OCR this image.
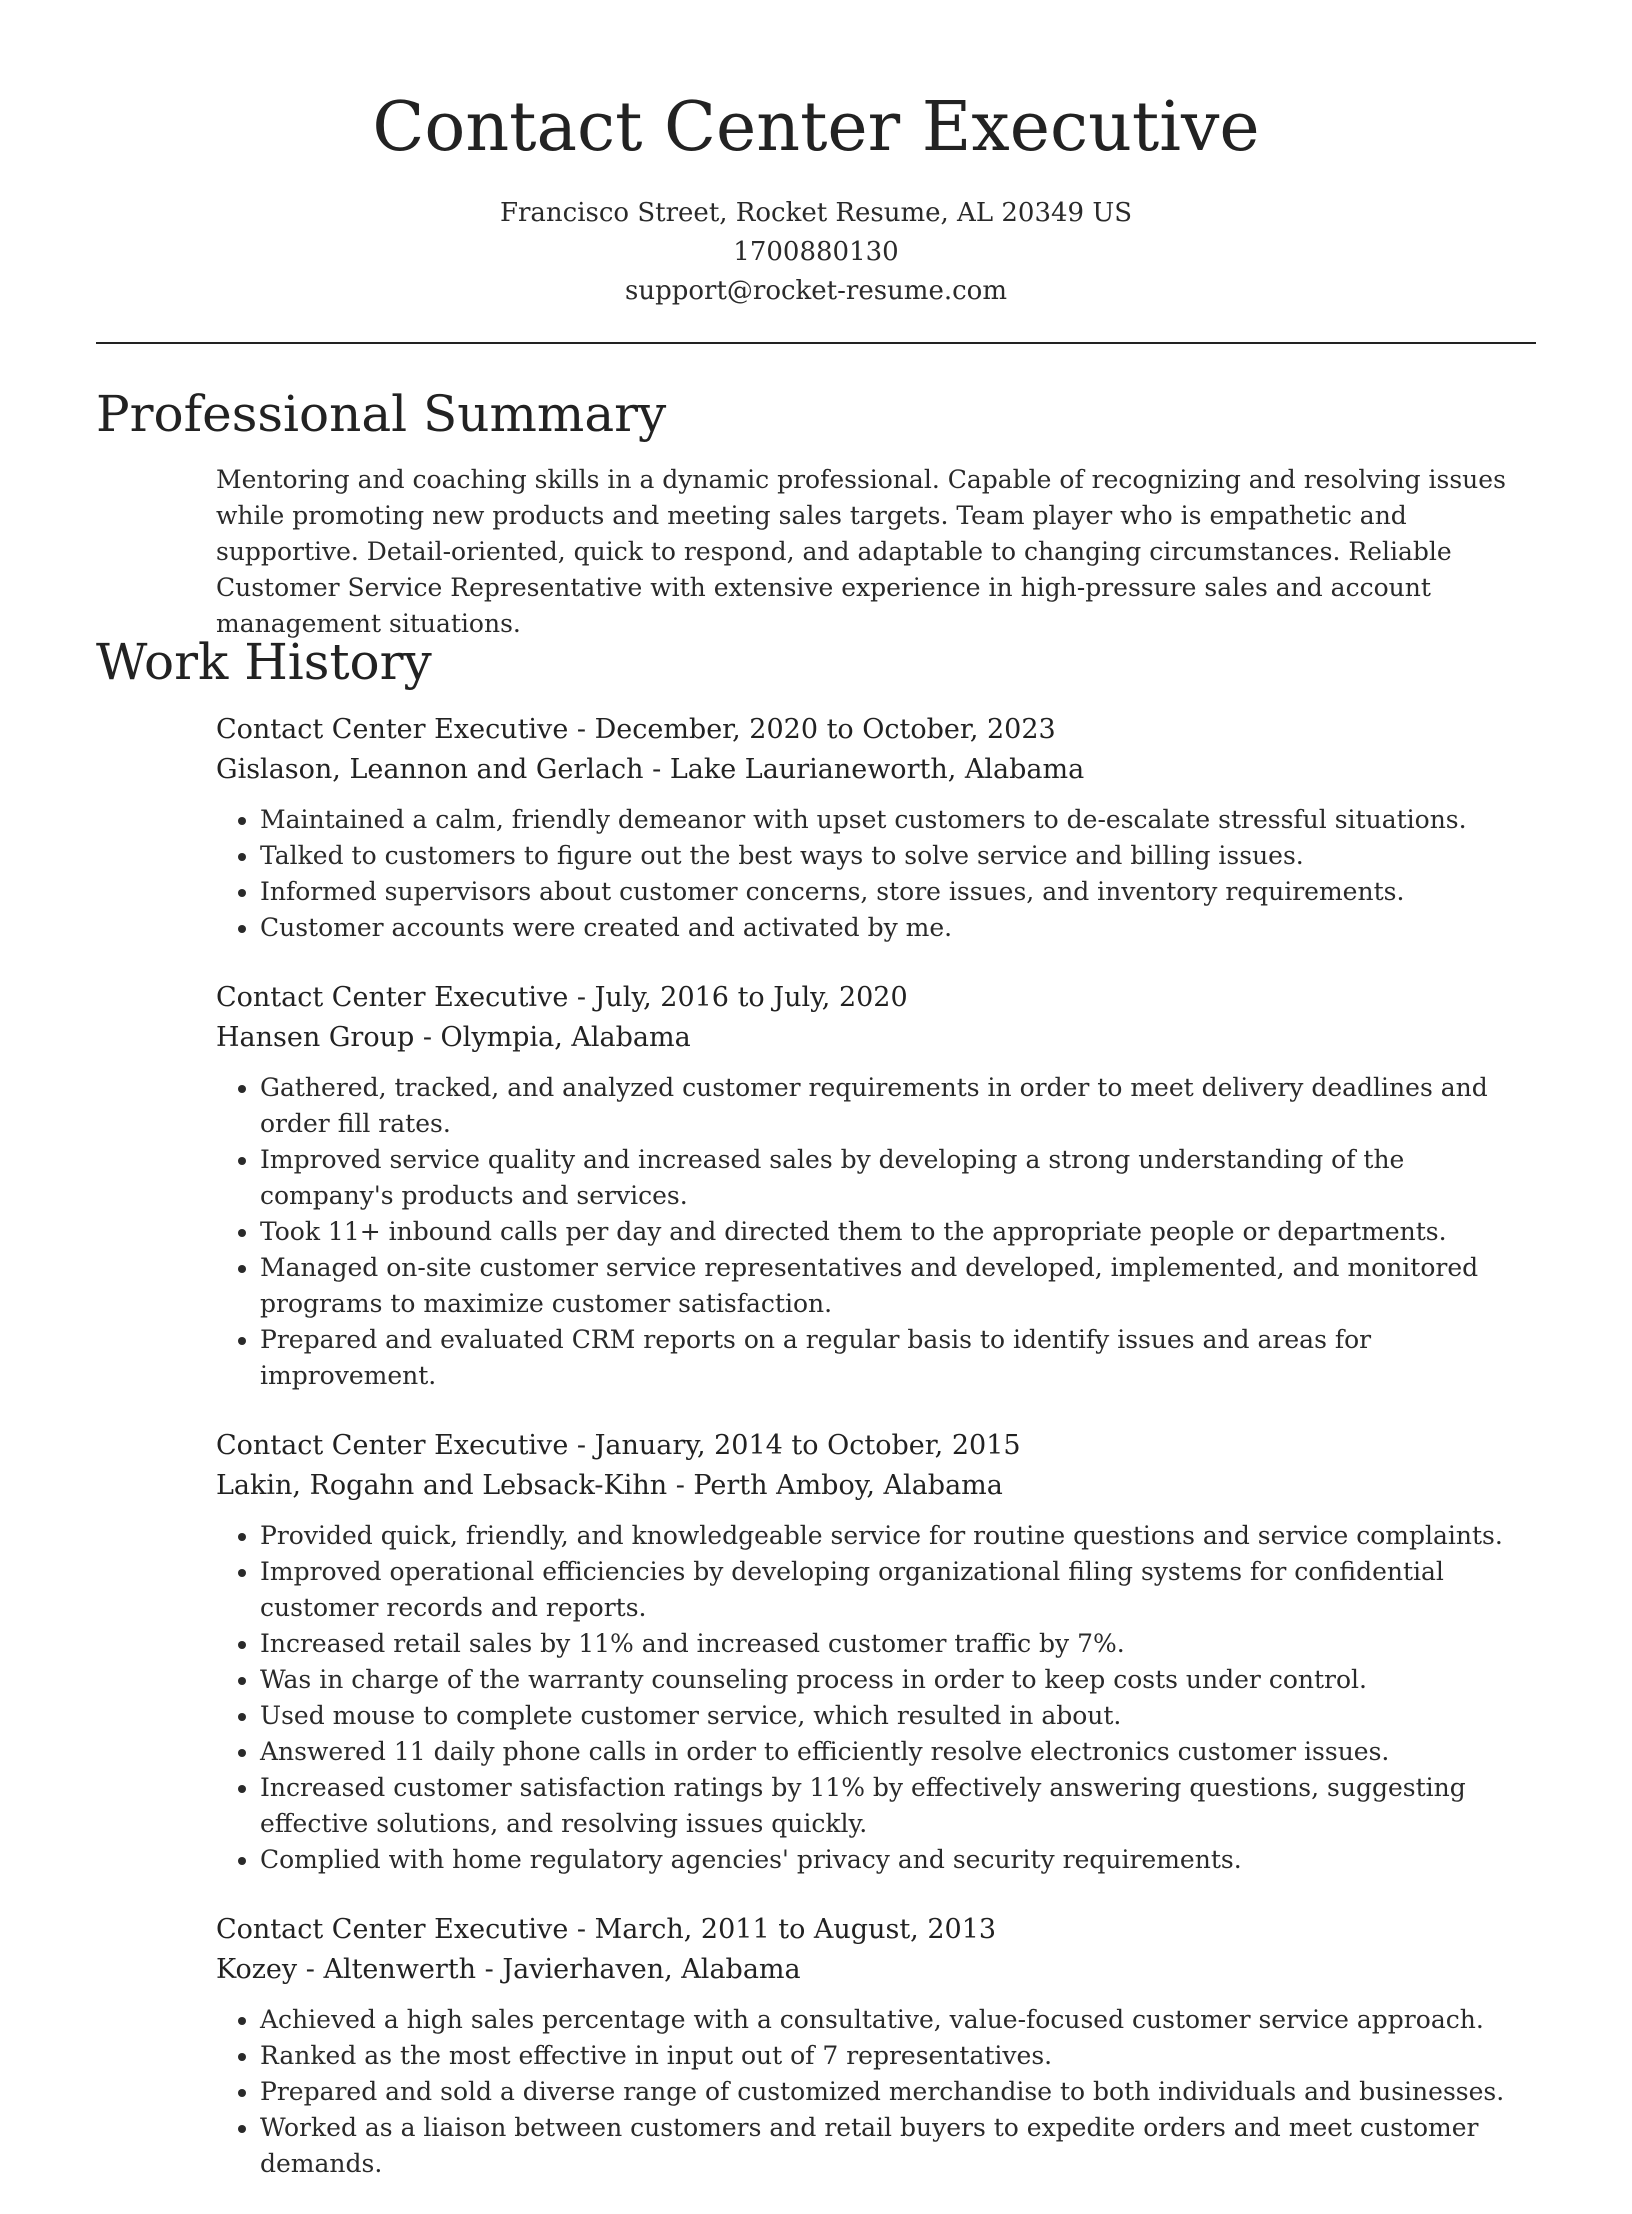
Contact Center Executive
Francisco Street, Rocket Resume, AL 20349 US
1700880130
support@rocket-resume.com
Professional Summary
Mentoring and coaching skills in a dynamic professional. Capable of recognizing and resolving issues while promoting new products and meeting sales targets. Team player who is empathetic and supportive. Detail-oriented, quick to respond, and adaptable to changing circumstances. Reliable Customer Service Representative with extensive experience in high-pressure sales and account management situations.
Work History
Contact Center Executive - December, 2020 to October, 2023
Gislason, Leannon and Gerlach - Lake Laurianeworth, Alabama
• Maintained a calm, friendly demeanor with upset customers to de-escalate stressful situations.
• Talked to customers to figure out the best ways to solve service and billing issues.
• Informed supervisors about customer concerns, store issues, and inventory requirements.
• Customer accounts were created and activated by me.
Contact Center Executive - July, 2016 to July, 2020
Hansen Group - Olympia, Alabama
• Gathered, tracked, and analyzed customer requirements in order to meet delivery deadlines and order fill rates.
• Improved service quality and increased sales by developing a strong understanding of the company's products and services.
• Took 11+ inbound calls per day and directed them to the appropriate people or departments.
• Managed on-site customer service representatives and developed, implemented, and monitored programs to maximize customer satisfaction.
• Prepared and evaluated CRM reports on a regular basis to identify issues and areas for improvement.
Contact Center Executive - January, 2014 to October, 2015
Lakin, Rogahn and Lebsack-Kihn - Perth Amboy, Alabama
• Provided quick, friendly, and knowledgeable service for routine questions and service complaints.
• Improved operational efficiencies by developing organizational filing systems for confidential customer records and reports.
• Increased retail sales by 11% and increased customer traffic by 7%.
• Was in charge of the warranty counseling process in order to keep costs under control.
• Used mouse to complete customer service, which resulted in about.
• Answered 11 daily phone calls in order to efficiently resolve electronics customer issues.
• Increased customer satisfaction ratings by 11% by effectively answering questions, suggesting effective solutions, and resolving issues quickly.
• Complied with home regulatory agencies' privacy and security requirements.
Contact Center Executive - March, 2011 to August, 2013
Kozey - Altenwerth - Javierhaven, Alabama
• Achieved a high sales percentage with a consultative, value-focused customer service approach.
• Ranked as the most effective in input out of 7 representatives.
• Prepared and sold a diverse range of customized merchandise to both individuals and businesses.
• Worked as a liaison between customers and retail buyers to expedite orders and meet customer demands.
